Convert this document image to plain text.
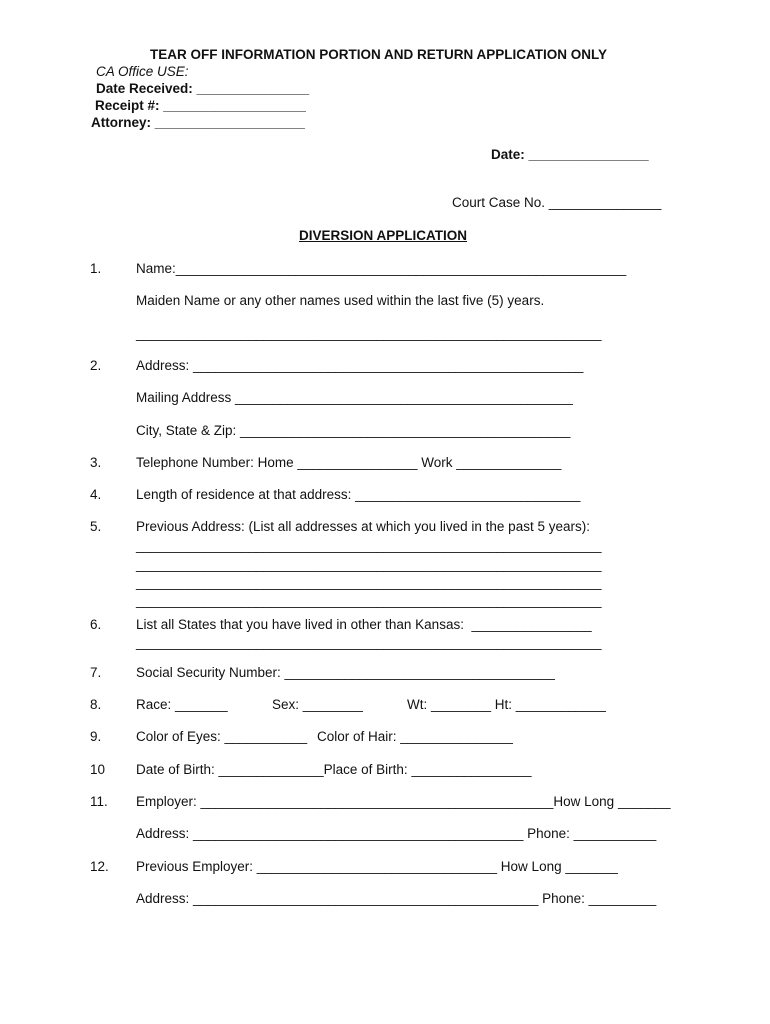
TEAR OFF INFORMATION PORTION AND RETURN APPLICATION ONLY
CA Office USE:
Date Received: _______________
Receipt #: ___________________
Attorney: ____________________
Date: ________________
Court Case No. _______________
DIVERSION APPLICATION
1.	Name:____________________________________________________________
Maiden Name or any other names used within the last five (5) years.
______________________________________________________________
2.	Address: ____________________________________________________
Mailing Address _____________________________________________
City, State & Zip: ____________________________________________
3.	Telephone Number: Home ________________ Work ______________
4.	Length of residence at that address: ______________________________
5.	Previous Address: (List all addresses at which you lived in the past 5 years):
______________________________________________________________
______________________________________________________________
______________________________________________________________
______________________________________________________________
6.	List all States that you have lived in other than Kansas:  ________________
______________________________________________________________
7.	Social Security Number: ____________________________________
8.	Race: _______	Sex: ________	Wt: ________ Ht: ____________
9.	Color of Eyes: ___________ Color of Hair: _______________
10 Date of Birth: ______________Place of Birth: ________________
11. Employer: _______________________________________________How Long _______
Address: ____________________________________________ Phone: ___________
12. Previous Employer: ________________________________ How Long _______
Address: ______________________________________________ Phone: _________
